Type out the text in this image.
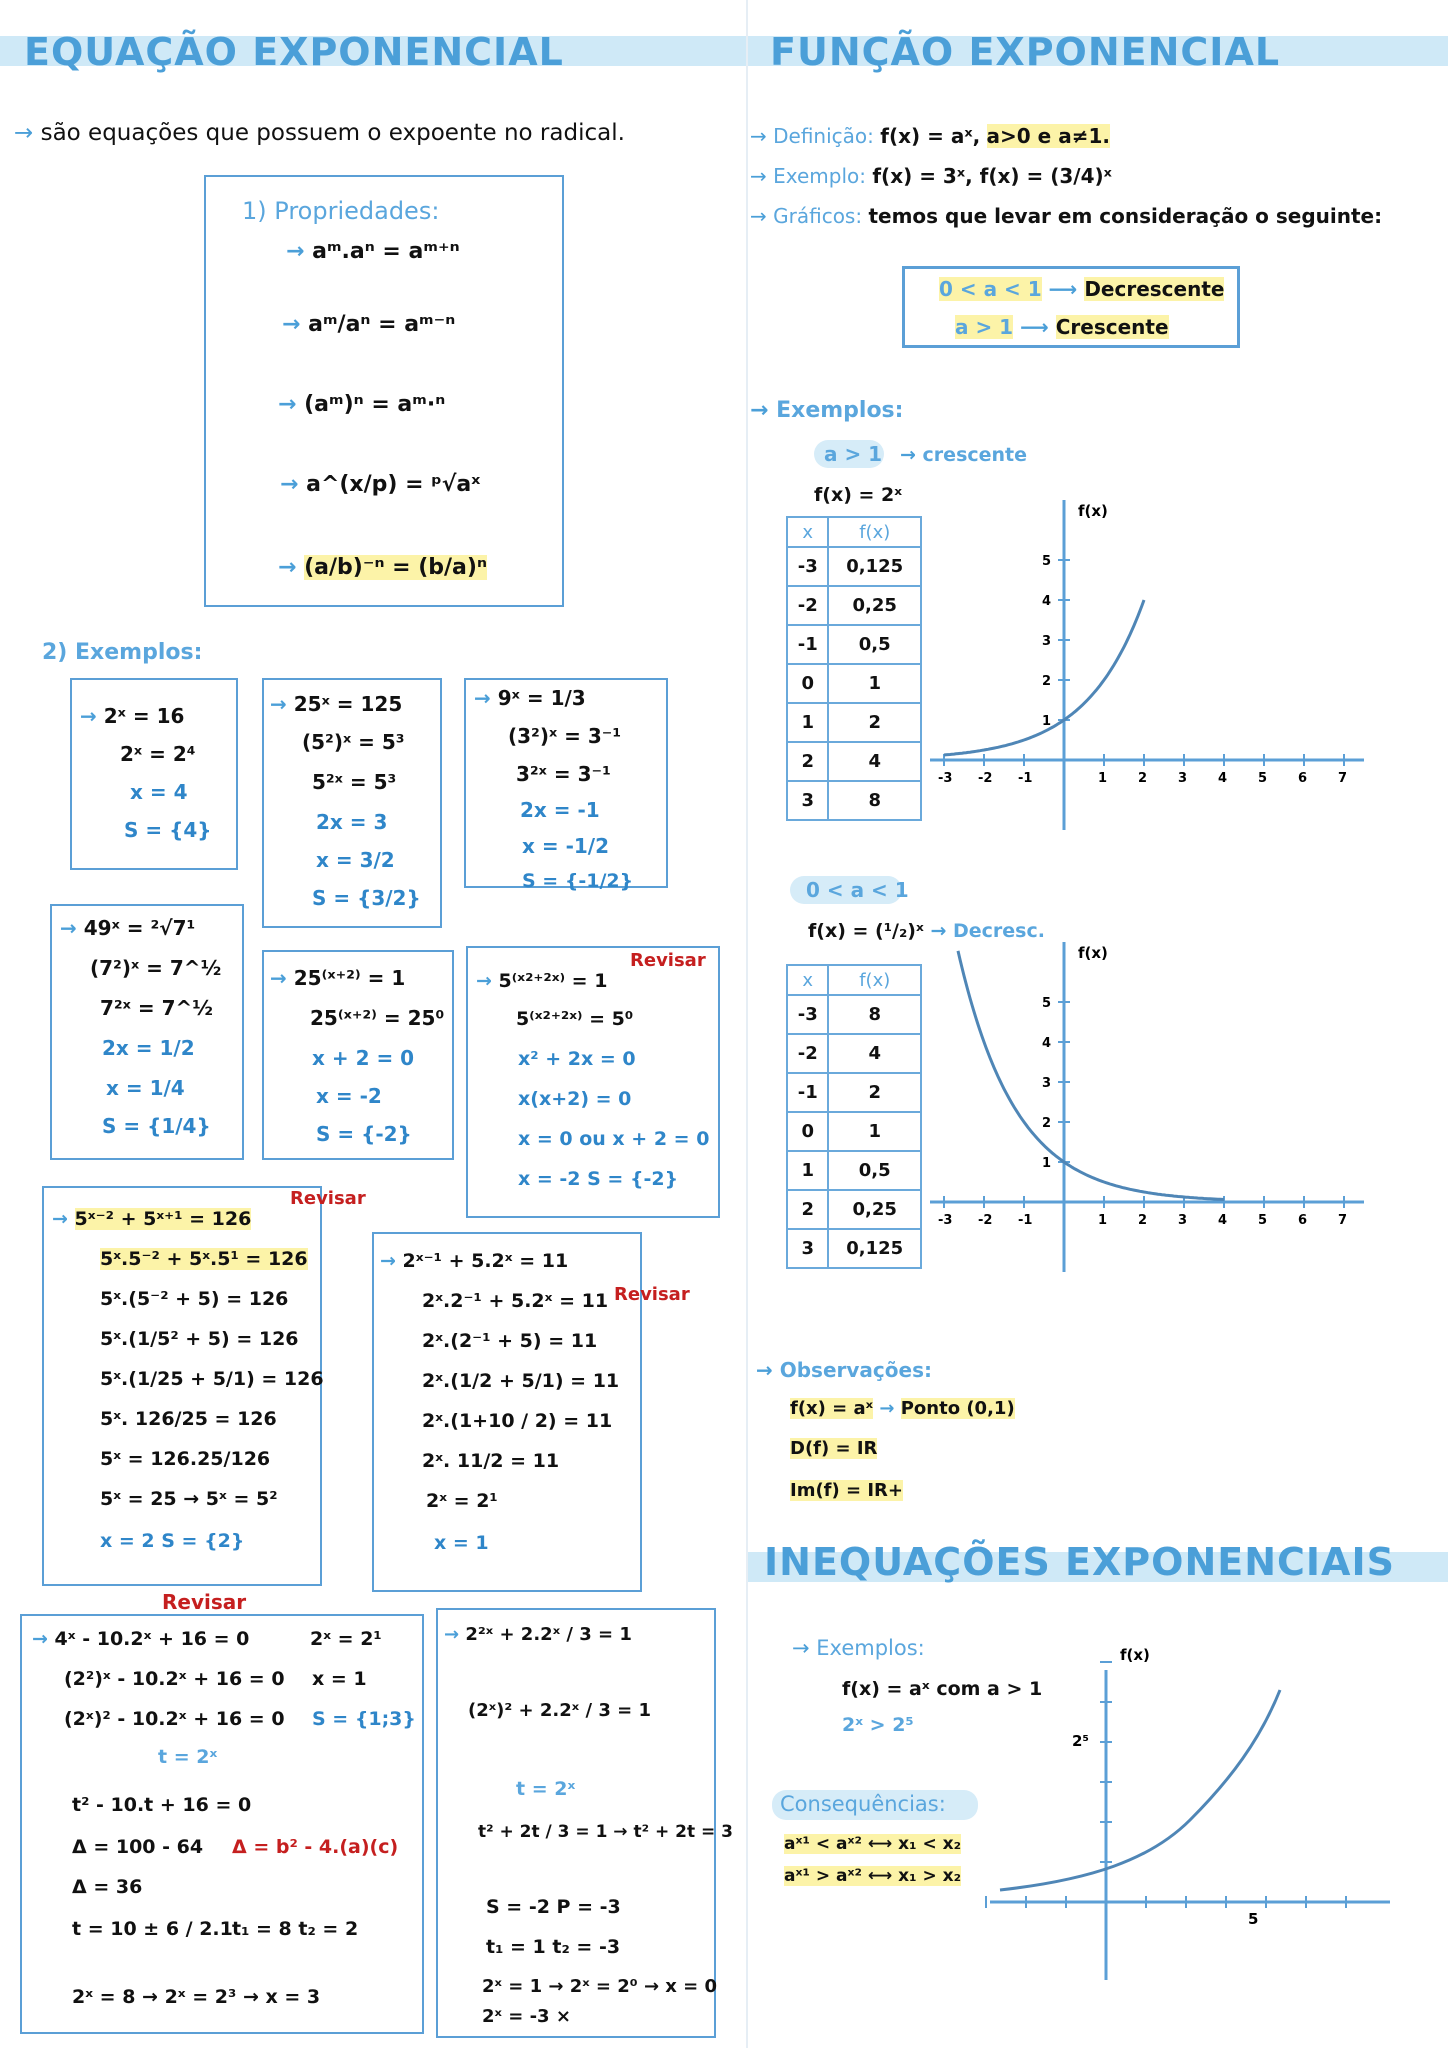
EQUAÇÃO EXPONENCIAL
→ são equações que possuem o expoente no radical.
1) Propriedades:
→ aᵐ.aⁿ = aᵐ⁺ⁿ
→ aᵐ/aⁿ = aᵐ⁻ⁿ
→ (aᵐ)ⁿ = aᵐ·ⁿ
→ a^(x/p) = ᵖ√aˣ
→ (a/b)⁻ⁿ = (b/a)ⁿ
2) Exemplos:
→ 2ˣ = 16
2ˣ = 2⁴
x = 4
S = {4}
→ 25ˣ = 125
(5²)ˣ = 5³
5²ˣ = 5³
2x = 3
x = 3/2
S = {3/2}
→ 9ˣ = 1/3
(3²)ˣ = 3⁻¹
3²ˣ = 3⁻¹
2x = -1
x = -1/2
S = {-1/2}
→ 49ˣ = ²√7¹
(7²)ˣ = 7^½
7²ˣ = 7^½
2x = 1/2
x = 1/4
S = {1/4}
→ 25⁽ˣ⁺²⁾ = 1
25⁽ˣ⁺²⁾ = 25⁰
x + 2 = 0
x = -2
S = {-2}
Revisar
→ 5⁽ˣ²⁺²ˣ⁾ = 1
5⁽ˣ²⁺²ˣ⁾ = 5⁰
x² + 2x = 0
x(x+2) = 0
x = 0 ou x + 2 = 0
x = -2 S = {-2}
Revisar
→ 5ˣ⁻² + 5ˣ⁺¹ = 126
5ˣ.5⁻² + 5ˣ.5¹ = 126
5ˣ.(5⁻² + 5) = 126
5ˣ.(1/5² + 5) = 126
5ˣ.(1/25 + 5/1) = 126
5ˣ. 126/25 = 126
5ˣ = 126.25/126
5ˣ = 25 → 5ˣ = 5²
x = 2 S = {2}
Revisar
→ 2ˣ⁻¹ + 5.2ˣ = 11
2ˣ.2⁻¹ + 5.2ˣ = 11
2ˣ.(2⁻¹ + 5) = 11
2ˣ.(1/2 + 5/1) = 11
2ˣ.(1+10 / 2) = 11
2ˣ. 11/2 = 11
2ˣ = 2¹
x = 1
Revisar
→ 4ˣ - 10.2ˣ + 16 = 0
(2²)ˣ - 10.2ˣ + 16 = 0
(2ˣ)² - 10.2ˣ + 16 = 0
t = 2ˣ
t² - 10.t + 16 = 0
Δ = 100 - 64 Δ = b² - 4.(a)(c)
Δ = 36
t = 10 ± 6 / 2.1 t₁ = 8 t₂ = 2
2ˣ = 8 → 2ˣ = 2³ → x = 3
2ˣ = 2¹
x = 1
S = {1;3}
→ 2²ˣ + 2.2ˣ / 3 = 1
(2ˣ)² + 2.2ˣ / 3 = 1
t = 2ˣ
t² + 2t / 3 = 1 → t² + 2t = 3
S = -2 P = -3
t₁ = 1 t₂ = -3
2ˣ = 1 → 2ˣ = 2⁰ → x = 0
2ˣ = -3 ×
FUNÇÃO EXPONENCIAL
→ Definição: f(x) = aˣ, a>0 e a≠1.
→ Exemplo: f(x) = 3ˣ, f(x) = (3/4)ˣ
→ Gráficos: temos que levar em consideração o seguinte:
0 < a < 1 ⟶ Decrescente
a > 1 ⟶ Crescente
→ Exemplos:
a > 1 → crescente
f(x) = 2ˣ
x	f(x)
-3	0,125
-2	0,25
-1	0,5
0	1
1	2
2	4
3	8
-3 -2 -1	1 2 3 4 5 6 7
1
2
3
4
5
f(x)
0 < a < 1
f(x) = (¹/₂)ˣ → Decresc.
x	f(x)
-3	8
-2	4
-1	2
0	1
1	0,5
2	0,25
3	0,125
-3 -2 -1	1 2 3 4 5 6 7
1
2
3
4
5
f(x)
→ Observações:
f(x) = aˣ → Ponto (0,1)
D(f) = IR
Im(f) = IR+
INEQUAÇÕES EXPONENCIAIS
→ Exemplos:
f(x) = aˣ com a > 1
2ˣ > 2⁵
Consequências:
aˣ¹ < aˣ² ⟷ x₁ < x₂
aˣ¹ > aˣ² ⟷ x₁ > x₂
f(x)
2⁵
5
